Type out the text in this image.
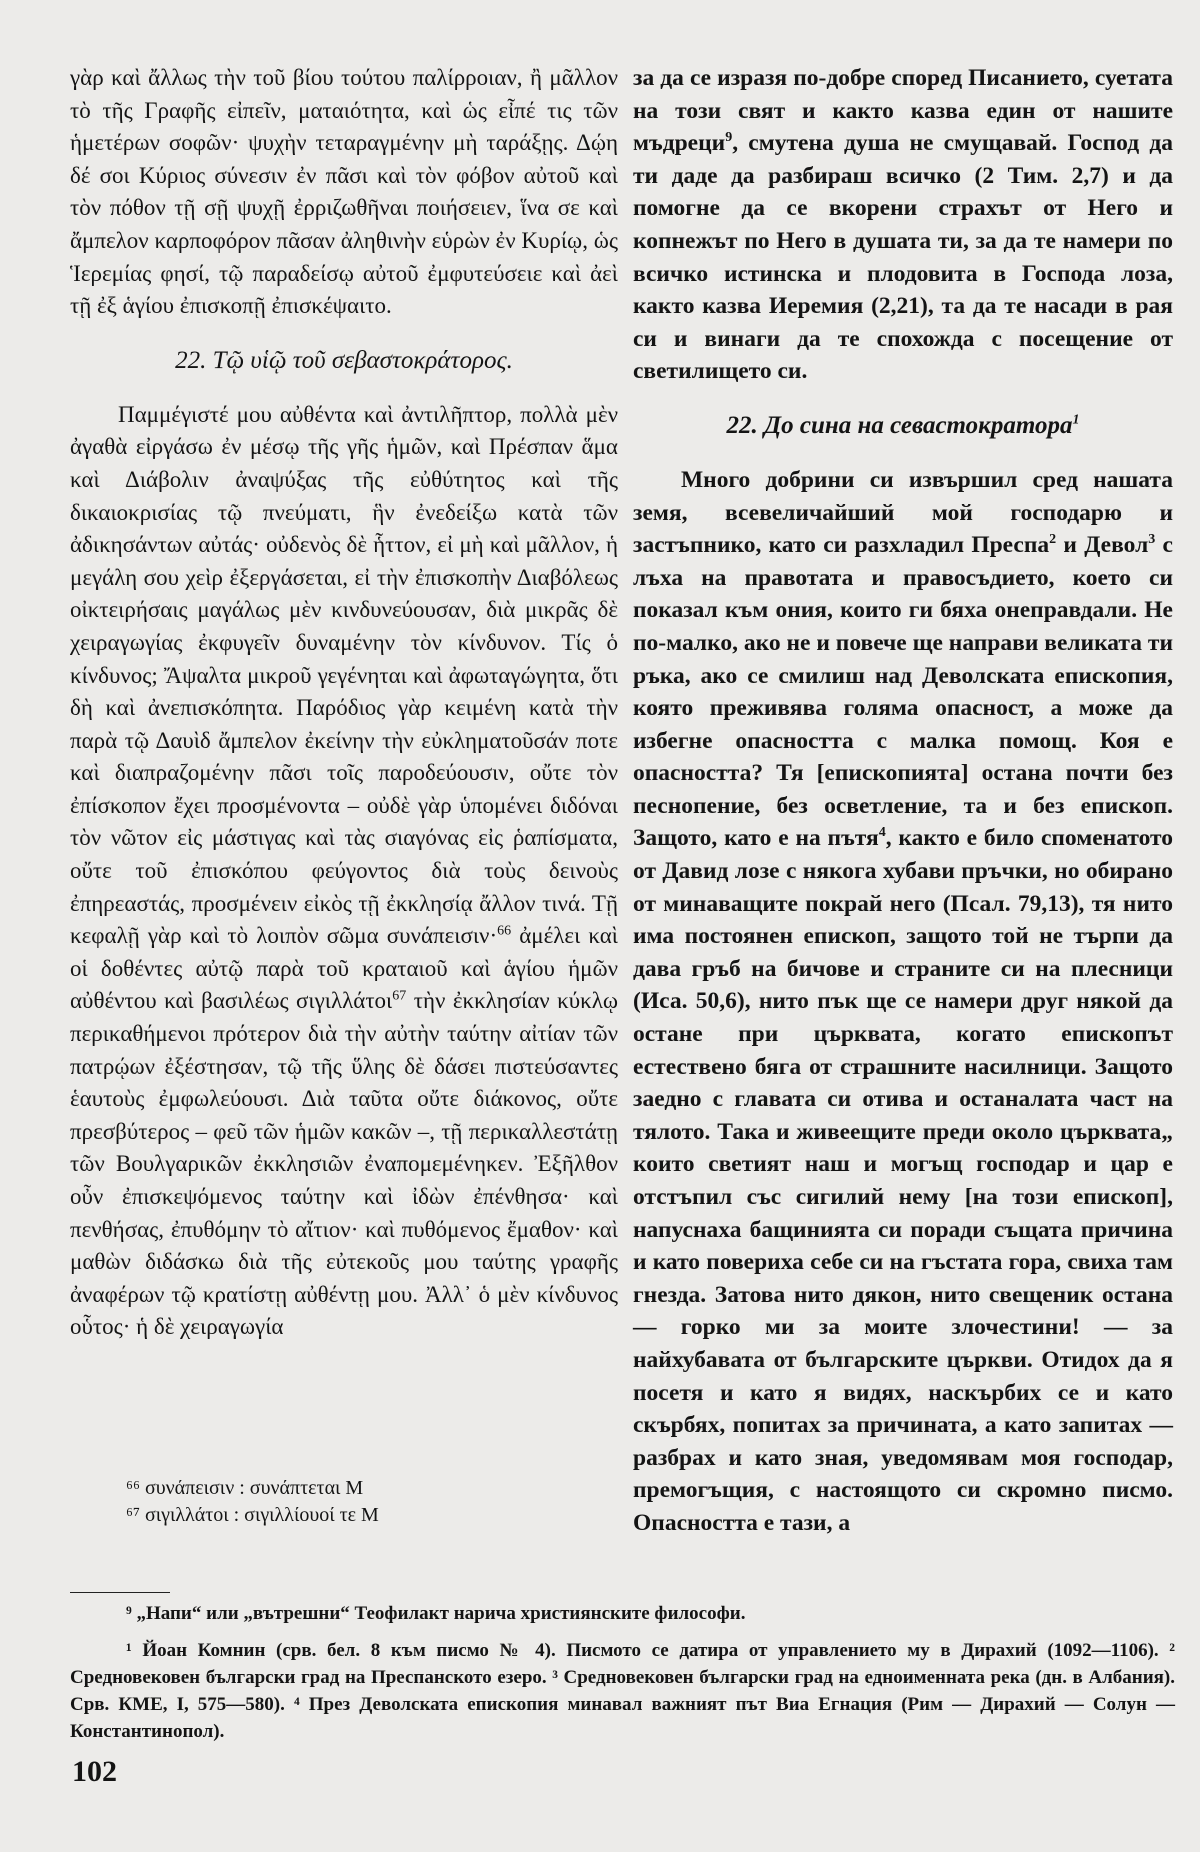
γὰρ καὶ ἄλλως τὴν τοῦ βίου τούτου παλίρροιαν, ἢ μᾶλλον τὸ τῆς Γραφῆς εἰπεῖν, ματαιότητα, καὶ ὡς εἶπέ τις τῶν ἡμετέρων σοφῶν· ψυχὴν τεταραγμένην μὴ ταράξῃς. Δῴη δέ σοι Κύριος σύνεσιν ἐν πᾶσι καὶ τὸν φόβον αὐτοῦ καὶ τὸν πόθον τῇ σῇ ψυχῇ ἐρριζωθῆναι ποιήσειεν, ἵνα σε καὶ ἄμπελον καρποφόρον πᾶσαν ἀληθινὴν εὑρὼν ἐν Κυρίῳ, ὡς Ἱερεμίας φησί, τῷ παραδείσῳ αὐτοῦ ἐμφυτεύσειε καὶ ἀεὶ τῇ ἐξ ἁγίου ἐπισκοπῇ ἐπισκέψαιτο.

22. Τῷ υἱῷ τοῦ σεβαστοκράτορος.

Παμμέγιστέ μου αὐθέντα καὶ ἀντιλῆπτορ, πολλὰ μὲν ἀγαθὰ εἰργάσω ἐν μέσῳ τῆς γῆς ἡμῶν, καὶ Πρέσπαν ἅμα καὶ Διάβολιν ἀναψύξας τῆς εὐθύτητος καὶ τῆς δικαιοκρισίας τῷ πνεύματι, ἣν ἐνεδείξω κατὰ τῶν ἀδικησάντων αὐτάς· οὐδενὸς δὲ ἧττον, εἰ μὴ καὶ μᾶλλον, ἡ μεγάλη σου χεὶρ ἐξεργάσεται, εἰ τὴν ἐπισκοπὴν Διαβόλεως οἰκτειρήσαις μαγάλως μὲν κινδυνεύουσαν, διὰ μικρᾶς δὲ χειραγωγίας ἐκφυγεῖν δυναμένην τὸν κίνδυνον. Τίς ὁ κίνδυνος; Ἄψαλτα μικροῦ γεγένηται καὶ ἀφωταγώγητα, ὅτι δὴ καὶ ἀνεπισκόπητα. Παρόδιος γὰρ κειμένη κατὰ τὴν παρὰ τῷ Δαυὶδ ἄμπελον ἐκείνην τὴν εὐκληματοῦσάν ποτε καὶ διαπραζομένην πᾶσι τοῖς παροδεύουσιν, οὔτε τὸν ἐπίσκοπον ἔχει προσμένοντα – οὐδὲ γὰρ ὑπομένει διδόναι τὸν νῶτον εἰς μάστιγας καὶ τὰς σιαγόνας εἰς ῥαπίσματα, οὔτε τοῦ ἐπισκόπου φεύγοντος διὰ τοὺς δεινοὺς ἐπηρεαστάς, προσμένειν εἰκὸς τῇ ἐκκλησίᾳ ἄλλον τινά. Τῇ κεφαλῇ γὰρ καὶ τὸ λοιπὸν σῶμα συνάπεισιν·$^{66}$ ἀμέλει καὶ οἱ δοθέντες αὐτῷ παρὰ τοῦ κραταιοῦ καὶ ἁγίου ἡμῶν αὐθέντου καὶ βασιλέως σιγιλλάτοι$^{67}$ τὴν ἐκκλησίαν κύκλῳ περικαθήμενοι πρότερον διὰ τὴν αὐτὴν ταύτην αἰτίαν τῶν πατρῴων ἐξέστησαν, τῷ τῆς ὕλης δὲ δάσει πιστεύσαντες ἑαυτοὺς ἐμφωλεύουσι. Διὰ ταῦτα οὔτε διάκονος, οὔτε πρεσβύτερος – φεῦ τῶν ἡμῶν κακῶν –, τῇ περικαλλεστάτῃ τῶν Βουλγαρικῶν ἐκκλησιῶν ἐναπομεμένηκεν. Ἐξῆλθον οὖν ἐπισκεψόμενος ταύτην καὶ ἰδὼν ἐπένθησα· καὶ πενθήσας, ἐπυθόμην τὸ αἴτιον· καὶ πυθόμενος ἔμαθον· καὶ μαθὼν διδάσκω διὰ τῆς εὐτεκοῦς μου ταύτης γραφῆς ἀναφέρων τῷ κρατίστῃ αὐθέντῃ μου. Ἀλλ᾽ ὁ μὲν κίνδυνος οὗτος· ἡ δὲ χειραγωγία

за да се изразя по-добре според Писанието, суетата на този свят и както казва един от нашите мъдреци$^9$, смутена душа не смущавай. Господ да ти даде да разбираш всичко (2 Тим. 2,7) и да помогне да се вкорени страхът от Него и копнежът по Него в душата ти, за да те намери по всичко истинска и плодовита в Господа лоза, както казва Иеремия (2,21), та да те насади в рая си и винаги да те спохожда с посещение от светилището си.

22. До сина на севастократора$^1$

Много добрини си извършил сред нашата земя, всевеличайший мой господарю и застъпнико, като си разхладил Преспа$^2$ и Девол$^3$ с лъха на правотата и правосъдието, което си показал към ония, които ги бяха онеправдали. Не по-малко, ако не и повече ще направи великата ти ръка, ако се смилиш над Деволската епископия, която преживява голяма опасност, а може да избегне опасността с малка помощ. Коя е опасността? Тя [епископията] остана почти без песнопение, без осветление, та и без епископ. Защото, като е на пътя$^4$, както е било споменатото от Давид лозе с някога хубави пръчки, но обирано от минаващите покрай него (Псал. 79,13), тя нито има постоянен епископ, защото той не търпи да дава гръб на бичове и страните си на плесници (Иса. 50,6), нито пък ще се намери друг някой да остане при църквата, когато епископът естествено бяга от страшните насилници. Защото заедно с главата си отива и останалата част на тялото. Така и живеещите преди около църквата„ които светият наш и могъщ господар и цар е отстъпил със сигилий нему [на този епископ], напуснаха бащинията си поради същата причина и като повериха себе си на гъстата гора, свиха там гнезда. Затова нито дякон, нито свещеник остана — горко ми за моите злочестини! — за найхубавата от българските църкви. Отидох да я посетя и като я видях, наскърбих се и като скърбях, попитах за причината, а като запитах — разбрах и като зная, уведомявам моя господар, премогъщия, с настоящото си скромно писмо. Опасността е тази, а

⁶⁶ συνάπεισιν : συνάπτεται M
⁶⁷ σιγιλλάτοι : σιγιλλίουοί τε M

⁹ „Напи“ или „вътрешни“ Теофилакт нарича християнските философи.

¹ Йоан Комнин (срв. бел. 8 към писмо № 4). Писмото се датира от управлението му в Дирахий (1092—1106). ² Средновековен български град на Преспанското езеро. ³ Средновековен български град на едноименната река (дн. в Албания). Срв. КМЕ, I, 575—580). ⁴ През Деволската епископия минавал важният път Виа Егнация (Рим — Дирахий — Солун — Константинопол).

102
